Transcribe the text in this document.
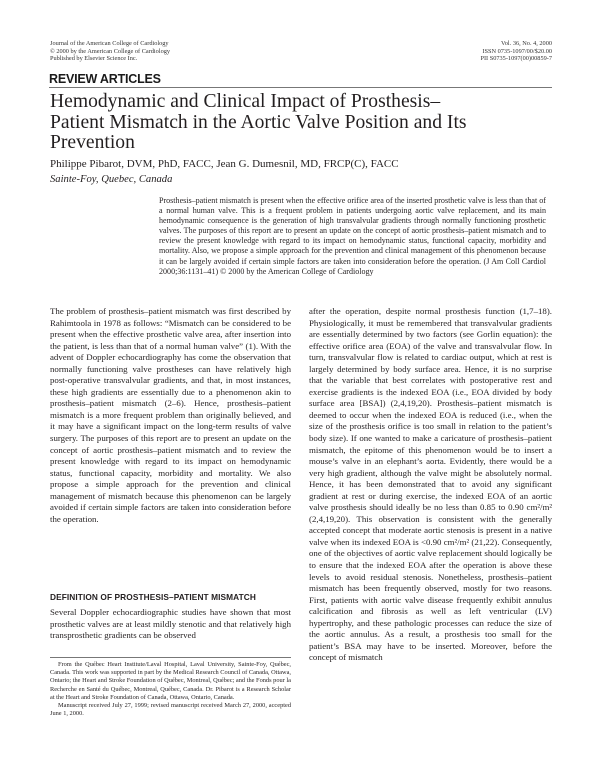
Journal of the American College of Cardiology
© 2000 by the American College of Cardiology
Published by Elsevier Science Inc.
Vol. 36, No. 4, 2000
ISSN 0735-1097/00/$20.00
PII S0735-1097(00)00859-7
REVIEW ARTICLES
Hemodynamic and Clinical Impact of Prosthesis–Patient Mismatch in the Aortic Valve Position and Its Prevention
Philippe Pibarot, DVM, PhD, FACC, Jean G. Dumesnil, MD, FRCP(C), FACC
Sainte-Foy, Quebec, Canada
Prosthesis–patient mismatch is present when the effective orifice area of the inserted prosthetic valve is less than that of a normal human valve. This is a frequent problem in patients undergoing aortic valve replacement, and its main hemodynamic consequence is the generation of high transvalvular gradients through normally functioning prosthetic valves. The purposes of this report are to present an update on the concept of aortic prosthesis–patient mismatch and to review the present knowledge with regard to its impact on hemodynamic status, functional capacity, morbidity and mortality. Also, we propose a simple approach for the prevention and clinical management of this phenomenon because it can be largely avoided if certain simple factors are taken into consideration before the operation. (J Am Coll Cardiol 2000;36:1131–41) © 2000 by the American College of Cardiology

The problem of prosthesis–patient mismatch was first described by Rahimtoola in 1978 as follows: “Mismatch can be considered to be present when the effective prosthetic valve area, after insertion into the patient, is less than that of a normal human valve” (1). With the advent of Doppler echocardiography has come the observation that normally functioning valve prostheses can have relatively high post-operative transvalvular gradients, and that, in most instances, these high gradients are essentially due to a phenomenon akin to prosthesis–patient mismatch (2–6). Hence, prosthesis–patient mismatch is a more frequent problem than originally believed, and it may have a significant impact on the long-term results of valve surgery. The purposes of this report are to present an update on the concept of aortic prosthesis–patient mismatch and to review the present knowledge with regard to its impact on hemodynamic status, functional capacity, morbidity and mortality. We also propose a simple approach for the prevention and clinical management of mismatch because this phenomenon can be largely avoided if certain simple factors are taken into consideration before the operation.

DEFINITION OF PROSTHESIS–PATIENT MISMATCH

Several Doppler echocardiographic studies have shown that most prosthetic valves are at least mildly stenotic and that relatively high transprosthetic gradients can be observed

From the Québec Heart Institute/Laval Hospital, Laval University, Sainte-Foy, Québec, Canada. This work was supported in part by the Medical Research Council of Canada, Ottawa, Ontario; the Heart and Stroke Foundation of Québec, Montreal, Québec; and the Fonds pour la Recherche en Santé du Québec, Montreal, Québec, Canada. Dr. Pibarot is a Research Scholar at the Heart and Stroke Foundation of Canada, Ottawa, Ontario, Canada.

Manuscript received July 27, 1999; revised manuscript received March 27, 2000, accepted June 1, 2000.

after the operation, despite normal prosthesis function (1,7–18). Physiologically, it must be remembered that transvalvular gradients are essentially determined by two factors (see Gorlin equation): the effective orifice area (EOA) of the valve and transvalvular flow. In turn, transvalvular flow is related to cardiac output, which at rest is largely determined by body surface area. Hence, it is no surprise that the variable that best correlates with postoperative rest and exercise gradients is the indexed EOA (i.e., EOA divided by body surface area [BSA]) (2,4,19,20). Prosthesis–patient mismatch is deemed to occur when the indexed EOA is reduced (i.e., when the size of the prosthesis orifice is too small in relation to the patient’s body size). If one wanted to make a caricature of prosthesis–patient mismatch, the epitome of this phenomenon would be to insert a mouse’s valve in an elephant’s aorta. Evidently, there would be a very high gradient, although the valve might be absolutely normal. Hence, it has been demonstrated that to avoid any significant gradient at rest or during exercise, the indexed EOA of an aortic valve prosthesis should ideally be no less than 0.85 to 0.90 cm²/m² (2,4,19,20). This observation is consistent with the generally accepted concept that moderate aortic stenosis is present in a native valve when its indexed EOA is <0.90 cm²/m² (21,22). Consequently, one of the objectives of aortic valve replacement should logically be to ensure that the indexed EOA after the operation is above these levels to avoid residual stenosis. Nonetheless, prosthesis–patient mismatch has been frequently observed, mostly for two reasons. First, patients with aortic valve disease frequently exhibit annulus calcification and fibrosis as well as left ventricular (LV) hypertrophy, and these pathologic processes can reduce the size of the aortic annulus. As a result, a prosthesis too small for the patient’s BSA may have to be inserted. Moreover, before the concept of mismatch
